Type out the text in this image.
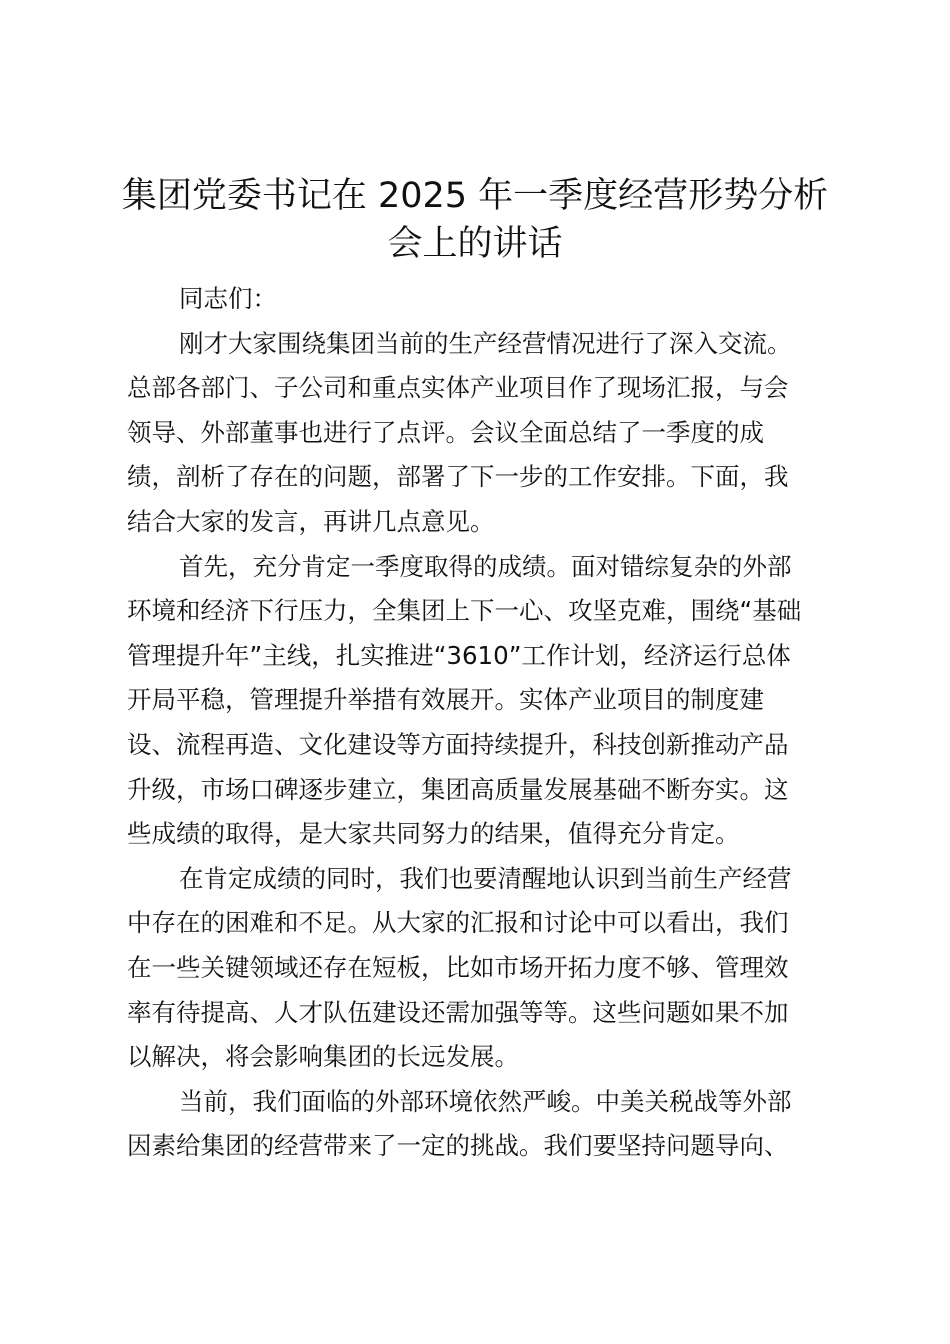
集团党委书记在 2025 年一季度经营形势分析
会上的讲话
同志们：
刚才大家围绕集团当前的生产经营情况进行了深入交流。
总部各部门、子公司和重点实体产业项目作了现场汇报，与会
领导、外部董事也进行了点评。会议全面总结了一季度的成
绩，剖析了存在的问题，部署了下一步的工作安排。下面，我
结合大家的发言，再讲几点意见。
首先，充分肯定一季度取得的成绩。面对错综复杂的外部
环境和经济下行压力，全集团上下一心、攻坚克难，围绕“基础
管理提升年”主线，扎实推进“3610”工作计划，经济运行总体
开局平稳，管理提升举措有效展开。实体产业项目的制度建
设、流程再造、文化建设等方面持续提升，科技创新推动产品
升级，市场口碑逐步建立，集团高质量发展基础不断夯实。这
些成绩的取得，是大家共同努力的结果，值得充分肯定。
在肯定成绩的同时，我们也要清醒地认识到当前生产经营
中存在的困难和不足。从大家的汇报和讨论中可以看出，我们
在一些关键领域还存在短板，比如市场开拓力度不够、管理效
率有待提高、人才队伍建设还需加强等等。这些问题如果不加
以解决，将会影响集团的长远发展。
当前，我们面临的外部环境依然严峻。中美关税战等外部
因素给集团的经营带来了一定的挑战。我们要坚持问题导向、
